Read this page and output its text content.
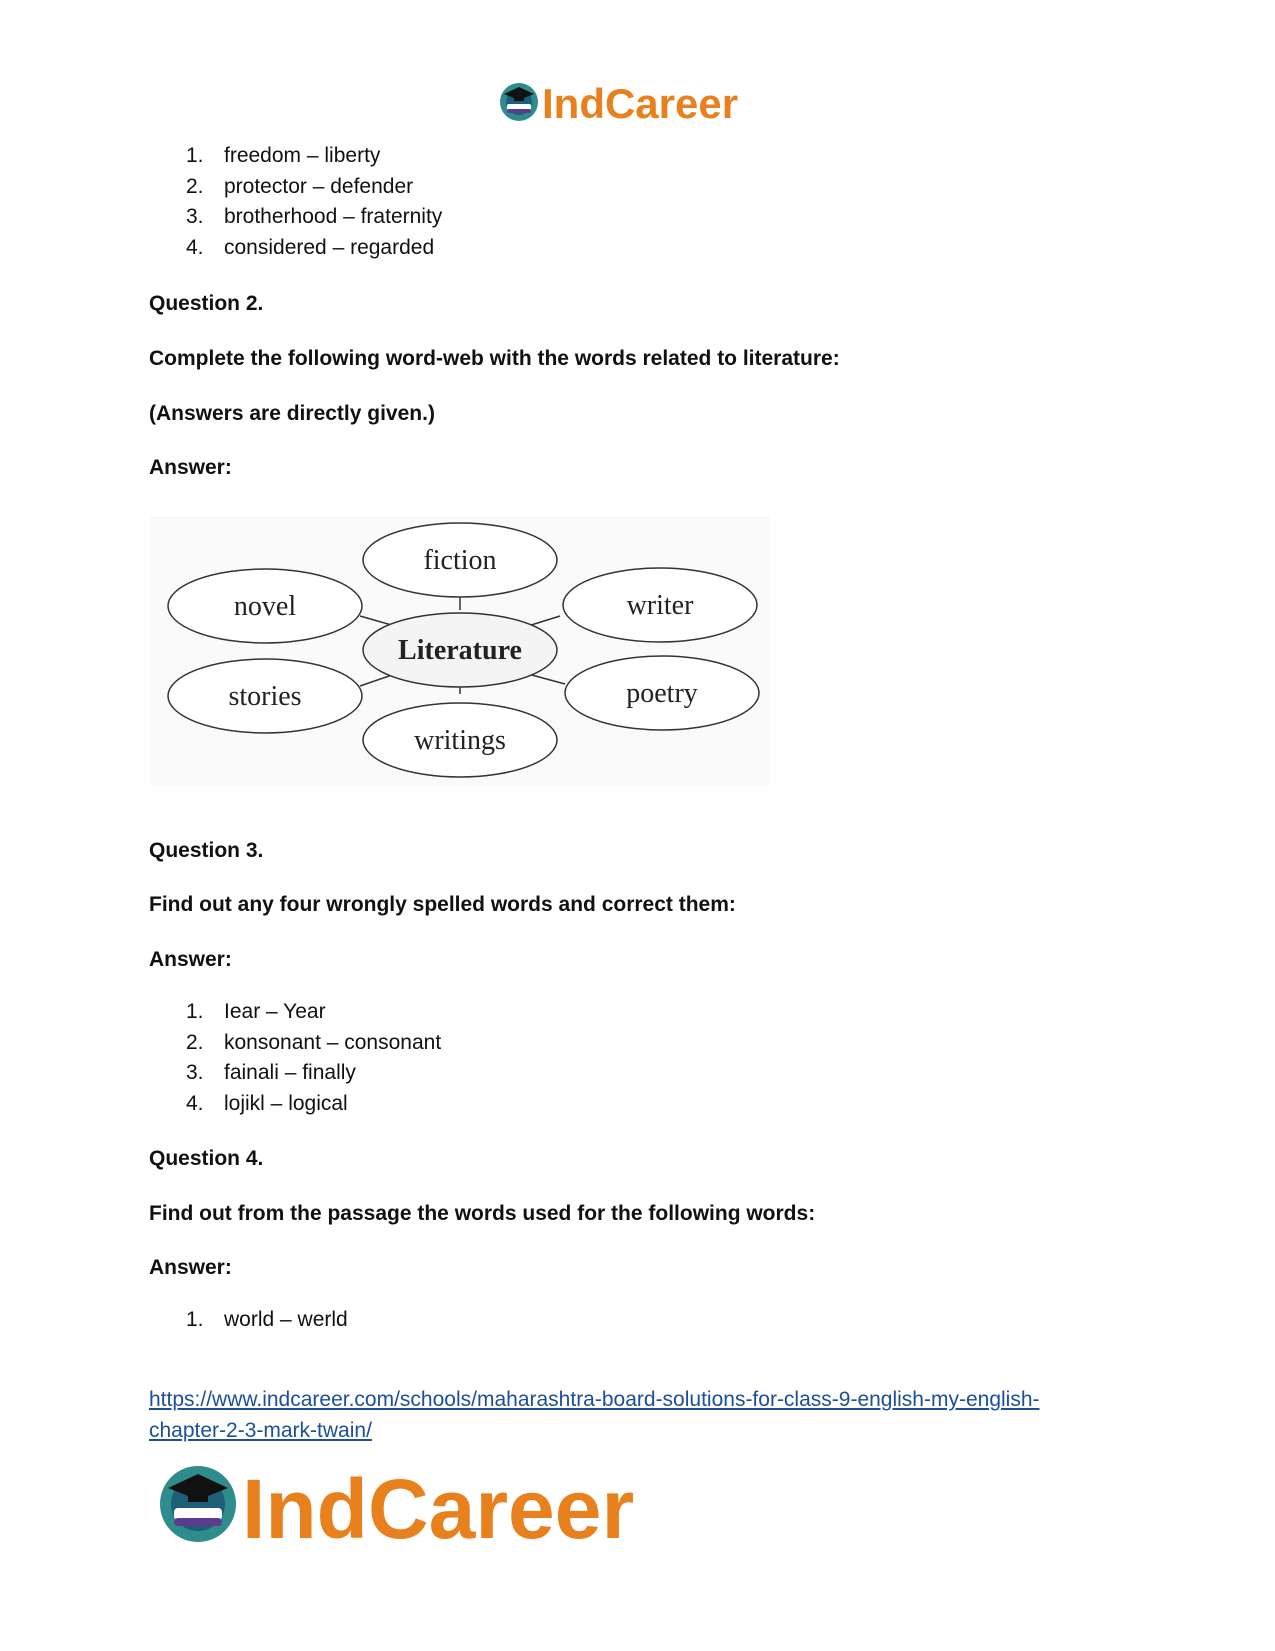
IndCareer
1. freedom – liberty
2. protector – defender
3. brotherhood – fraternity
4. considered – regarded
Question 2.
Complete the following word-web with the words related to literature:
(Answers are directly given.)
Answer:
fiction
novel	writer
stories	poetry
writings
Literature
Question 3.
Find out any four wrongly spelled words and correct them:
Answer:
1. Iear – Year
2. konsonant – consonant
3. fainali – finally
4. lojikl – logical
Question 4.
Find out from the passage the words used for the following words:
Answer:
1. world – werld
https://www.indcareer.com/schools/maharashtra-board-solutions-for-class-9-english-my-english-
chapter-2-3-mark-twain/
IndCareer
